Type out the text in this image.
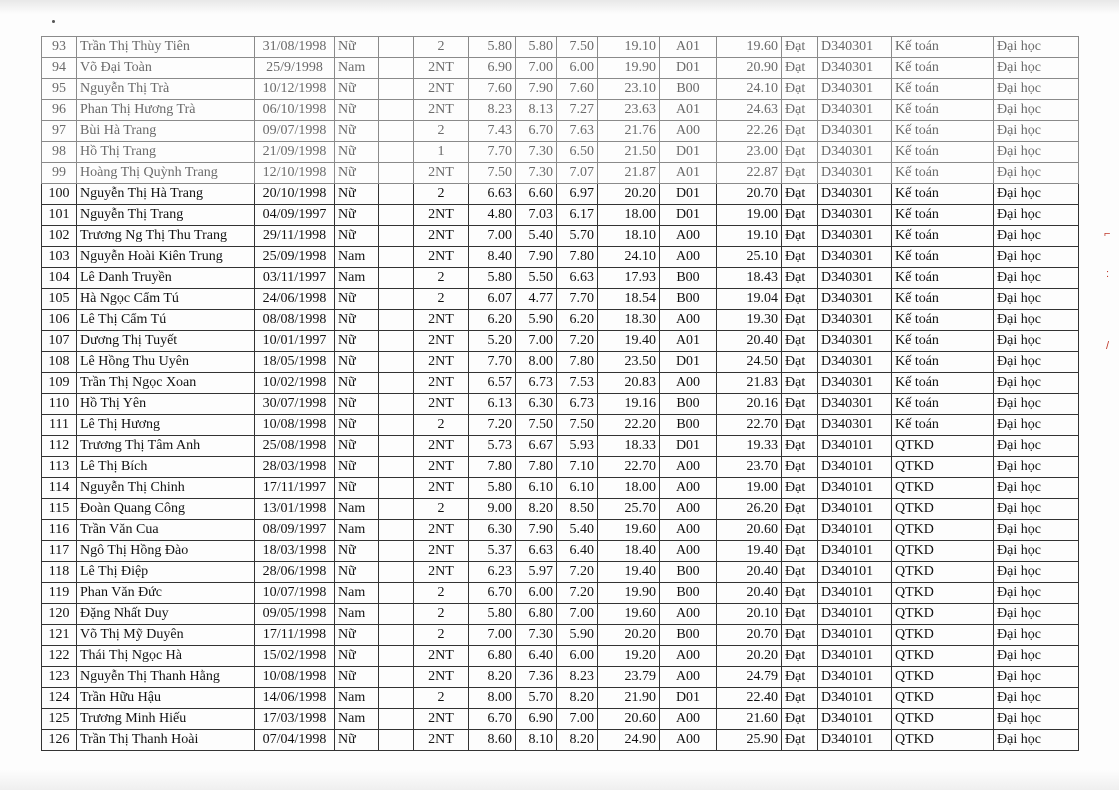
93	Trần Thị Thùy Tiên	31/08/1998	Nữ		2	5.80	5.80	7.50	19.10	A01	19.60	Đạt	D340301	Kế toán	Đại học
94	Võ Đại Toàn	25/9/1998	Nam		2NT	6.90	7.00	6.00	19.90	D01	20.90	Đạt	D340301	Kế toán	Đại học
95	Nguyễn Thị Trà	10/12/1998	Nữ		2NT	7.60	7.90	7.60	23.10	B00	24.10	Đạt	D340301	Kế toán	Đại học
96	Phan Thị Hương Trà	06/10/1998	Nữ		2NT	8.23	8.13	7.27	23.63	A01	24.63	Đạt	D340301	Kế toán	Đại học
97	Bùi Hà Trang	09/07/1998	Nữ		2	7.43	6.70	7.63	21.76	A00	22.26	Đạt	D340301	Kế toán	Đại học
98	Hồ Thị Trang	21/09/1998	Nữ		1	7.70	7.30	6.50	21.50	D01	23.00	Đạt	D340301	Kế toán	Đại học
99	Hoàng Thị Quỳnh Trang	12/10/1998	Nữ		2NT	7.50	7.30	7.07	21.87	A01	22.87	Đạt	D340301	Kế toán	Đại học
100	Nguyễn Thị Hà Trang	20/10/1998	Nữ		2	6.63	6.60	6.97	20.20	D01	20.70	Đạt	D340301	Kế toán	Đại học
101	Nguyễn Thị Trang	04/09/1997	Nữ		2NT	4.80	7.03	6.17	18.00	D01	19.00	Đạt	D340301	Kế toán	Đại học
102	Trương Ng Thị Thu Trang	29/11/1998	Nữ		2NT	7.00	5.40	5.70	18.10	A00	19.10	Đạt	D340301	Kế toán	Đại học
103	Nguyễn Hoài Kiên Trung	25/09/1998	Nam		2NT	8.40	7.90	7.80	24.10	A00	25.10	Đạt	D340301	Kế toán	Đại học
104	Lê Danh Truyền	03/11/1997	Nam		2	5.80	5.50	6.63	17.93	B00	18.43	Đạt	D340301	Kế toán	Đại học
105	Hà Ngọc Cẩm Tú	24/06/1998	Nữ		2	6.07	4.77	7.70	18.54	B00	19.04	Đạt	D340301	Kế toán	Đại học
106	Lê Thị Cẩm Tú	08/08/1998	Nữ		2NT	6.20	5.90	6.20	18.30	A00	19.30	Đạt	D340301	Kế toán	Đại học
107	Dương Thị Tuyết	10/01/1997	Nữ		2NT	5.20	7.00	7.20	19.40	A01	20.40	Đạt	D340301	Kế toán	Đại học
108	Lê Hồng Thu Uyên	18/05/1998	Nữ		2NT	7.70	8.00	7.80	23.50	D01	24.50	Đạt	D340301	Kế toán	Đại học
109	Trần Thị Ngọc Xoan	10/02/1998	Nữ		2NT	6.57	6.73	7.53	20.83	A00	21.83	Đạt	D340301	Kế toán	Đại học
110	Hồ Thị Yên	30/07/1998	Nữ		2NT	6.13	6.30	6.73	19.16	B00	20.16	Đạt	D340301	Kế toán	Đại học
111	Lê Thị Hương	10/08/1998	Nữ		2	7.20	7.50	7.50	22.20	B00	22.70	Đạt	D340301	Kế toán	Đại học
112	Trương Thị Tâm Anh	25/08/1998	Nữ		2NT	5.73	6.67	5.93	18.33	D01	19.33	Đạt	D340101	QTKD	Đại học
113	Lê Thị Bích	28/03/1998	Nữ		2NT	7.80	7.80	7.10	22.70	A00	23.70	Đạt	D340101	QTKD	Đại học
114	Nguyễn Thị Chinh	17/11/1997	Nữ		2NT	5.80	6.10	6.10	18.00	A00	19.00	Đạt	D340101	QTKD	Đại học
115	Đoàn Quang Công	13/01/1998	Nam		2	9.00	8.20	8.50	25.70	A00	26.20	Đạt	D340101	QTKD	Đại học
116	Trần Văn Cua	08/09/1997	Nam		2NT	6.30	7.90	5.40	19.60	A00	20.60	Đạt	D340101	QTKD	Đại học
117	Ngô Thị Hồng Đào	18/03/1998	Nữ		2NT	5.37	6.63	6.40	18.40	A00	19.40	Đạt	D340101	QTKD	Đại học
118	Lê Thị Điệp	28/06/1998	Nữ		2NT	6.23	5.97	7.20	19.40	B00	20.40	Đạt	D340101	QTKD	Đại học
119	Phan Văn Đức	10/07/1998	Nam		2	6.70	6.00	7.20	19.90	B00	20.40	Đạt	D340101	QTKD	Đại học
120	Đặng Nhất Duy	09/05/1998	Nam		2	5.80	6.80	7.00	19.60	A00	20.10	Đạt	D340101	QTKD	Đại học
121	Võ Thị Mỹ Duyên	17/11/1998	Nữ		2	7.00	7.30	5.90	20.20	B00	20.70	Đạt	D340101	QTKD	Đại học
122	Thái Thị Ngọc Hà	15/02/1998	Nữ		2NT	6.80	6.40	6.00	19.20	A00	20.20	Đạt	D340101	QTKD	Đại học
123	Nguyễn Thị Thanh Hằng	10/08/1998	Nữ		2NT	8.20	7.36	8.23	23.79	A00	24.79	Đạt	D340101	QTKD	Đại học
124	Trần Hữu Hậu	14/06/1998	Nam		2	8.00	5.70	8.20	21.90	D01	22.40	Đạt	D340101	QTKD	Đại học
125	Trương Minh Hiếu	17/03/1998	Nam		2NT	6.70	6.90	7.00	20.60	A00	21.60	Đạt	D340101	QTKD	Đại học
126	Trần Thị Thanh Hoài	07/04/1998	Nữ		2NT	8.60	8.10	8.20	24.90	A00	25.90	Đạt	D340101	QTKD	Đại học
⌐
:
/
